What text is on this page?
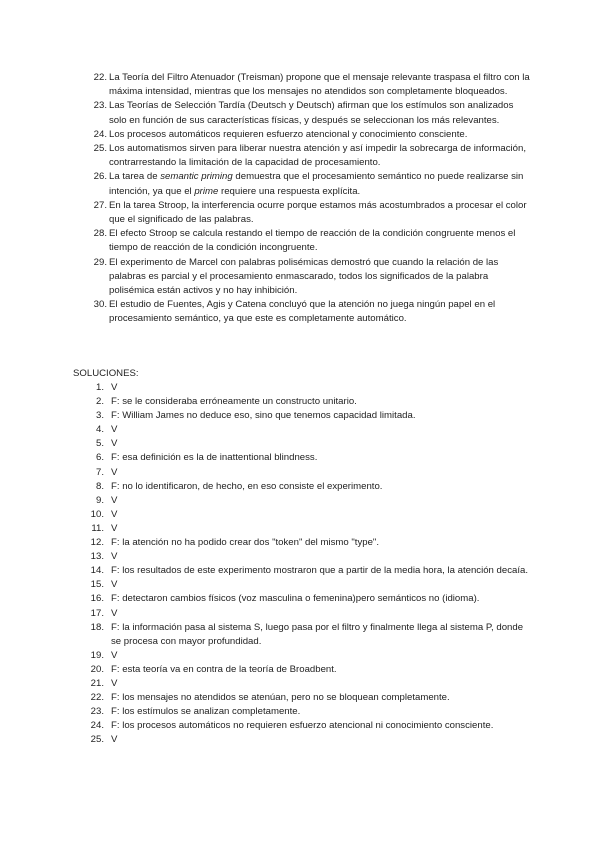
22. La Teoría del Filtro Atenuador (Treisman) propone que el mensaje relevante traspasa el filtro con la máxima intensidad, mientras que los mensajes no atendidos son completamente bloqueados.
23. Las Teorías de Selección Tardía (Deutsch y Deutsch) afirman que los estímulos son analizados solo en función de sus características físicas, y después se seleccionan los más relevantes.
24. Los procesos automáticos requieren esfuerzo atencional y conocimiento consciente.
25. Los automatismos sirven para liberar nuestra atención y así impedir la sobrecarga de información, contrarrestando la limitación de la capacidad de procesamiento.
26. La tarea de semantic priming demuestra que el procesamiento semántico no puede realizarse sin intención, ya que el prime requiere una respuesta explícita.
27. En la tarea Stroop, la interferencia ocurre porque estamos más acostumbrados a procesar el color que el significado de las palabras.
28. El efecto Stroop se calcula restando el tiempo de reacción de la condición congruente menos el tiempo de reacción de la condición incongruente.
29. El experimento de Marcel con palabras polisémicas demostró que cuando la relación de las palabras es parcial y el procesamiento enmascarado, todos los significados de la palabra polisémica están activos y no hay inhibición.
30. El estudio de Fuentes, Agis y Catena concluyó que la atención no juega ningún papel en el procesamiento semántico, ya que este es completamente automático.
SOLUCIONES:
1. V
2. F: se le consideraba erróneamente un constructo unitario.
3. F: William James no deduce eso, sino que tenemos capacidad limitada.
4. V
5. V
6. F: esa definición es la de inattentional blindness.
7. V
8. F: no lo identificaron, de hecho, en eso consiste el experimento.
9. V
10. V
11. V
12. F: la atención no ha podido crear dos "token" del mismo "type".
13. V
14. F: los resultados de este experimento mostraron que a partir de la media hora, la atención decaía.
15. V
16. F: detectaron cambios físicos (voz masculina o femenina)pero semánticos no (idioma).
17. V
18. F: la información pasa al sistema S, luego pasa por el filtro y finalmente llega al sistema P, donde se procesa con mayor profundidad.
19. V
20. F: esta teoría va en contra de la teoría de Broadbent.
21. V
22. F: los mensajes no atendidos se atenúan, pero no se bloquean completamente.
23. F: los estímulos se analizan completamente.
24. F: los procesos automáticos no requieren esfuerzo atencional ni conocimiento consciente.
25. V
